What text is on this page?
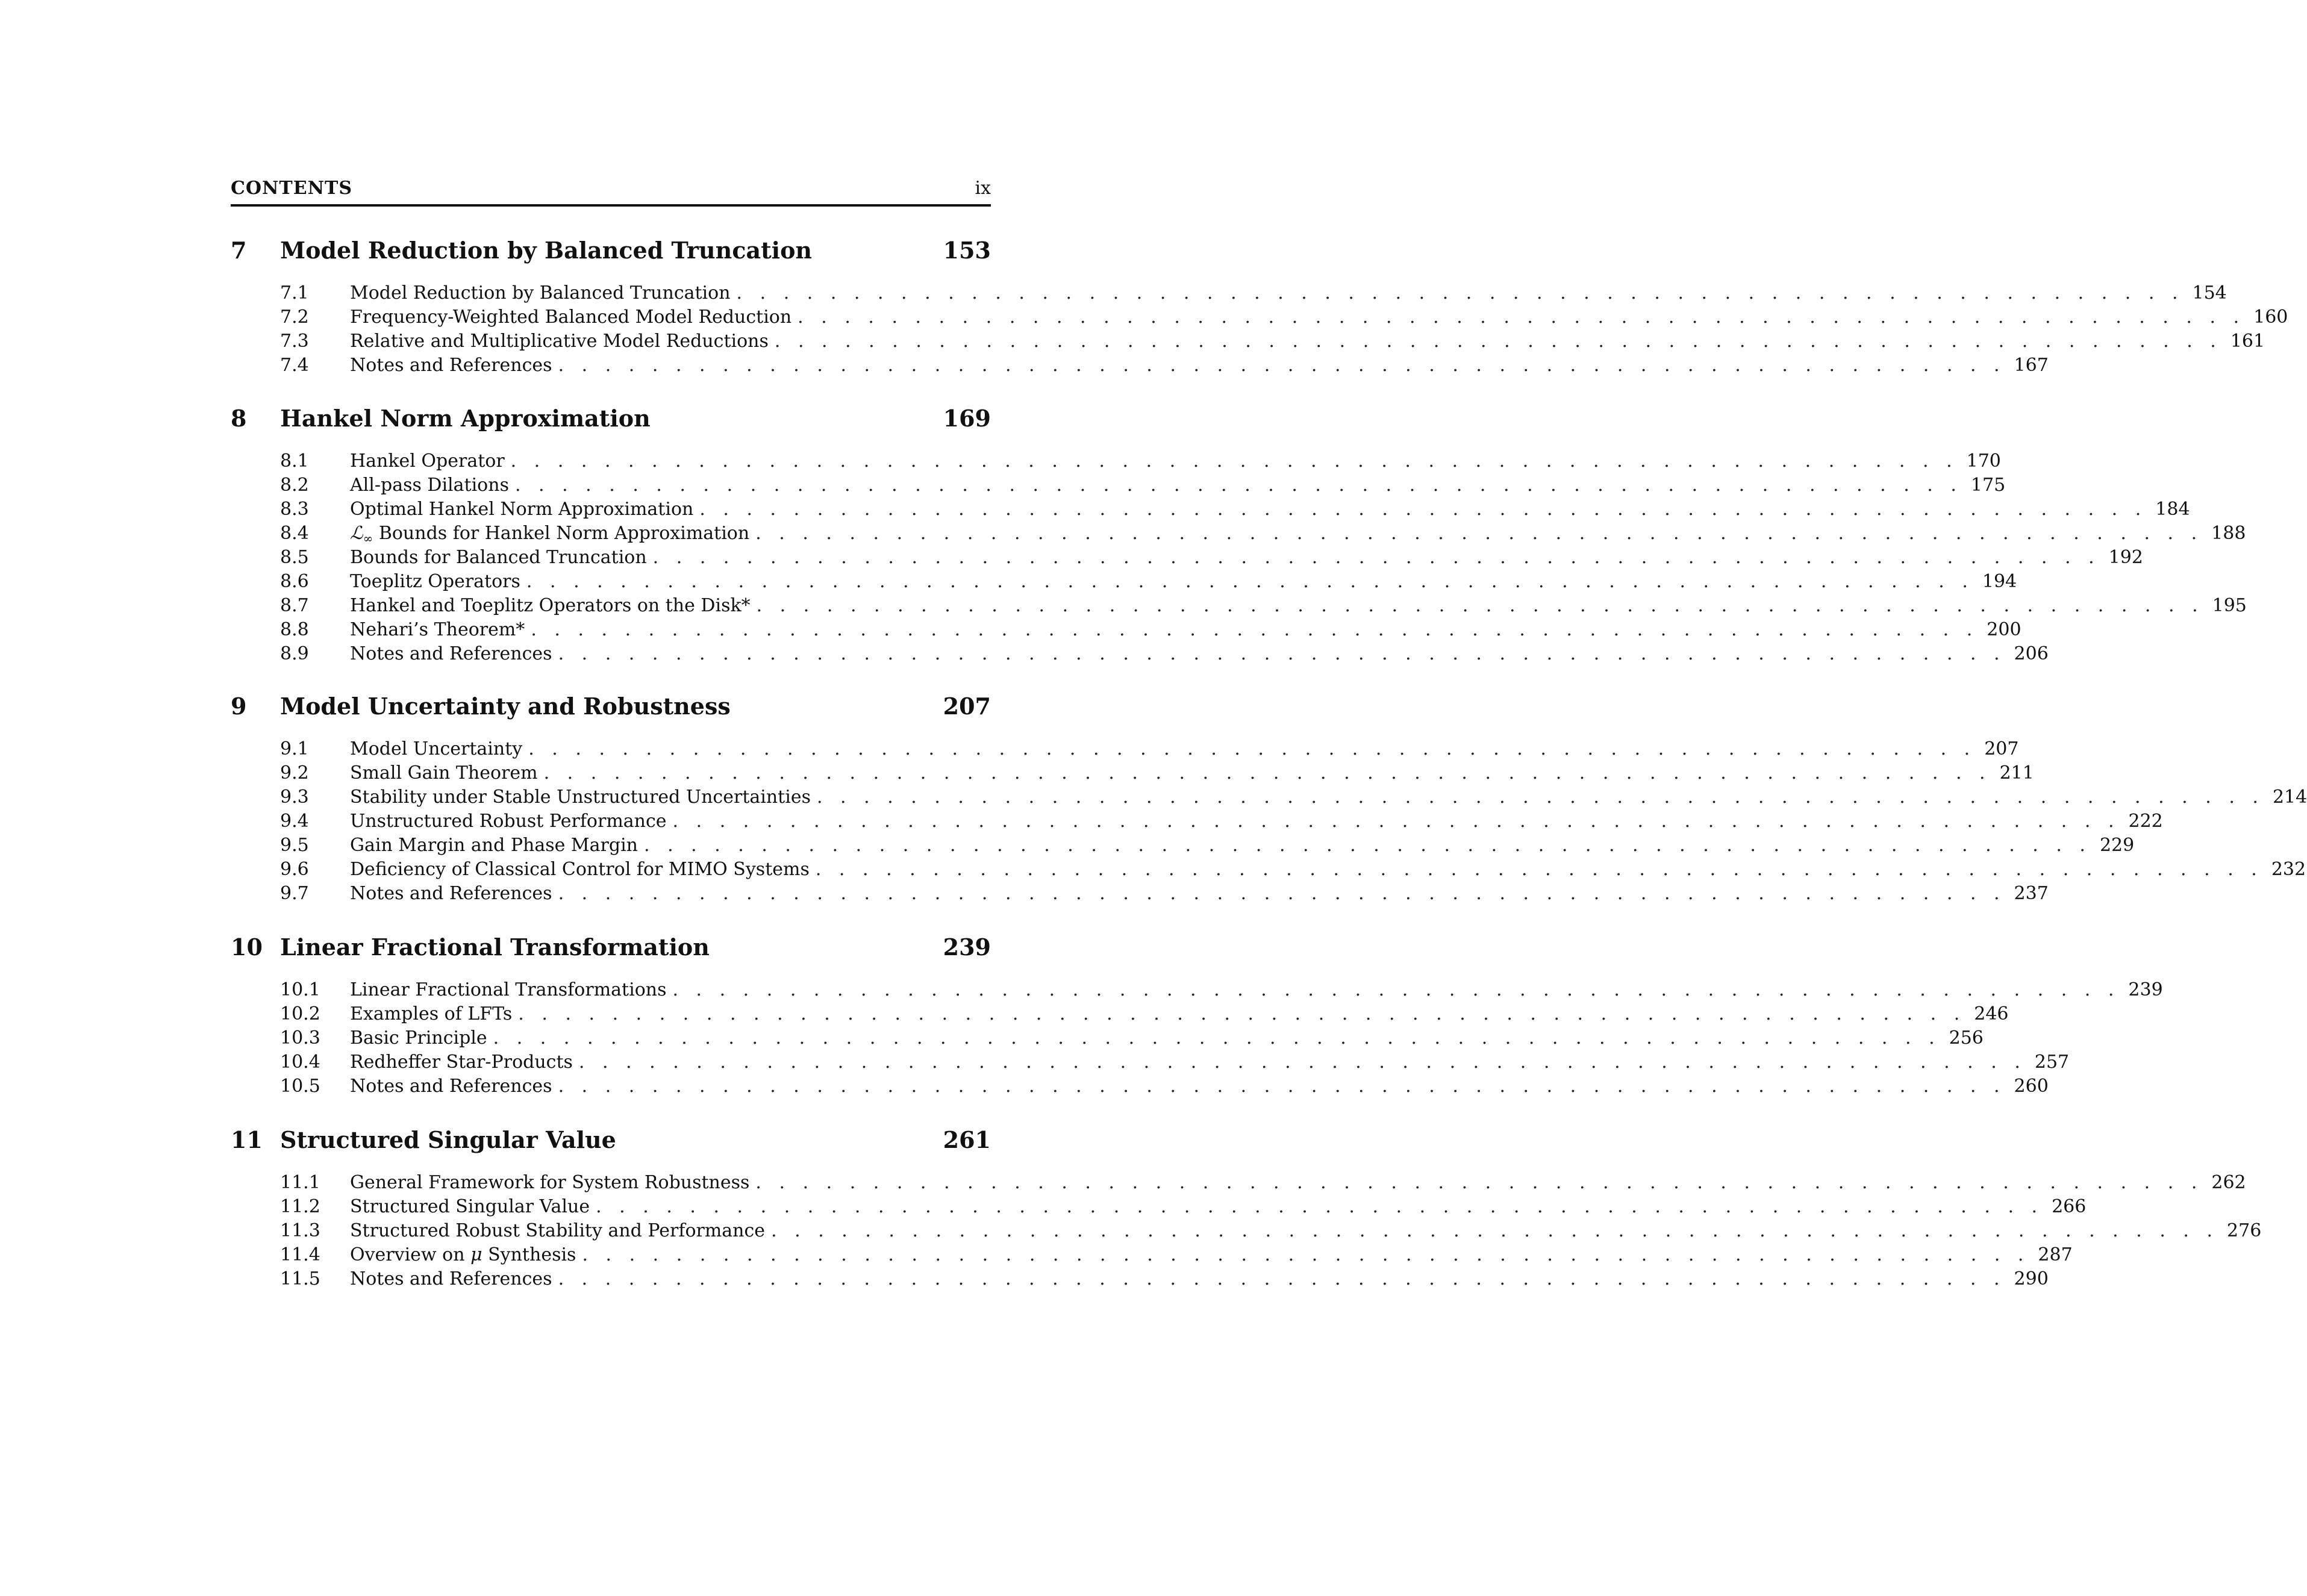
CONTENTS	ix
7 Model Reduction by Balanced Truncation	153
7.1 Model Reduction by Balanced Truncation . . . . . . . . . . . . . . . . . . . . . . . . . . . . . . . . . . . . . . . . . . . . . . . . . . . . . . . . . . . . . . 154
7.2 Frequency-Weighted Balanced Model Reduction . . . . . . . . . . . . . . . . . . . . . . . . . . . . . . . . . . . . . . . . . . . . . . . . . . . . . . . . . . . . . . 160
7.3 Relative and Multiplicative Model Reductions . . . . . . . . . . . . . . . . . . . . . . . . . . . . . . . . . . . . . . . . . . . . . . . . . . . . . . . . . . . . . . 161
7.4 Notes and References . . . . . . . . . . . . . . . . . . . . . . . . . . . . . . . . . . . . . . . . . . . . . . . . . . . . . . . . . . . . . . 167
8 Hankel Norm Approximation	169
8.1 Hankel Operator . . . . . . . . . . . . . . . . . . . . . . . . . . . . . . . . . . . . . . . . . . . . . . . . . . . . . . . . . . . . . . 170
8.2 All-pass Dilations . . . . . . . . . . . . . . . . . . . . . . . . . . . . . . . . . . . . . . . . . . . . . . . . . . . . . . . . . . . . . . 175
8.3 Optimal Hankel Norm Approximation . . . . . . . . . . . . . . . . . . . . . . . . . . . . . . . . . . . . . . . . . . . . . . . . . . . . . . . . . . . . . . 184
8.4 ℒ$_\infty$ Bounds for Hankel Norm Approximation . . . . . . . . . . . . . . . . . . . . . . . . . . . . . . . . . . . . . . . . . . . . . . . . . . . . . . . . . . . . . . 188
8.5 Bounds for Balanced Truncation . . . . . . . . . . . . . . . . . . . . . . . . . . . . . . . . . . . . . . . . . . . . . . . . . . . . . . . . . . . . . . 192
8.6 Toeplitz Operators . . . . . . . . . . . . . . . . . . . . . . . . . . . . . . . . . . . . . . . . . . . . . . . . . . . . . . . . . . . . . . 194
8.7 Hankel and Toeplitz Operators on the Disk* . . . . . . . . . . . . . . . . . . . . . . . . . . . . . . . . . . . . . . . . . . . . . . . . . . . . . . . . . . . . . . 195
8.8 Nehari’s Theorem* . . . . . . . . . . . . . . . . . . . . . . . . . . . . . . . . . . . . . . . . . . . . . . . . . . . . . . . . . . . . . . 200
8.9 Notes and References . . . . . . . . . . . . . . . . . . . . . . . . . . . . . . . . . . . . . . . . . . . . . . . . . . . . . . . . . . . . . . 206
9 Model Uncertainty and Robustness	207
9.1 Model Uncertainty . . . . . . . . . . . . . . . . . . . . . . . . . . . . . . . . . . . . . . . . . . . . . . . . . . . . . . . . . . . . . . 207
9.2 Small Gain Theorem . . . . . . . . . . . . . . . . . . . . . . . . . . . . . . . . . . . . . . . . . . . . . . . . . . . . . . . . . . . . . . 211
9.3 Stability under Stable Unstructured Uncertainties . . . . . . . . . . . . . . . . . . . . . . . . . . . . . . . . . . . . . . . . . . . . . . . . . . . . . . . . . . . . . . 214
9.4 Unstructured Robust Performance . . . . . . . . . . . . . . . . . . . . . . . . . . . . . . . . . . . . . . . . . . . . . . . . . . . . . . . . . . . . . . 222
9.5 Gain Margin and Phase Margin . . . . . . . . . . . . . . . . . . . . . . . . . . . . . . . . . . . . . . . . . . . . . . . . . . . . . . . . . . . . . . 229
9.6 Deficiency of Classical Control for MIMO Systems . . . . . . . . . . . . . . . . . . . . . . . . . . . . . . . . . . . . . . . . . . . . . . . . . . . . . . . . . . . . . . 232
9.7 Notes and References . . . . . . . . . . . . . . . . . . . . . . . . . . . . . . . . . . . . . . . . . . . . . . . . . . . . . . . . . . . . . . 237
10 Linear Fractional Transformation	239
10.1 Linear Fractional Transformations . . . . . . . . . . . . . . . . . . . . . . . . . . . . . . . . . . . . . . . . . . . . . . . . . . . . . . . . . . . . . . 239
10.2 Examples of LFTs . . . . . . . . . . . . . . . . . . . . . . . . . . . . . . . . . . . . . . . . . . . . . . . . . . . . . . . . . . . . . . 246
10.3 Basic Principle . . . . . . . . . . . . . . . . . . . . . . . . . . . . . . . . . . . . . . . . . . . . . . . . . . . . . . . . . . . . . . 256
10.4 Redheffer Star-Products . . . . . . . . . . . . . . . . . . . . . . . . . . . . . . . . . . . . . . . . . . . . . . . . . . . . . . . . . . . . . . 257
10.5 Notes and References . . . . . . . . . . . . . . . . . . . . . . . . . . . . . . . . . . . . . . . . . . . . . . . . . . . . . . . . . . . . . . 260
11 Structured Singular Value	261
11.1 General Framework for System Robustness . . . . . . . . . . . . . . . . . . . . . . . . . . . . . . . . . . . . . . . . . . . . . . . . . . . . . . . . . . . . . . 262
11.2 Structured Singular Value . . . . . . . . . . . . . . . . . . . . . . . . . . . . . . . . . . . . . . . . . . . . . . . . . . . . . . . . . . . . . . 266
11.3 Structured Robust Stability and Performance . . . . . . . . . . . . . . . . . . . . . . . . . . . . . . . . . . . . . . . . . . . . . . . . . . . . . . . . . . . . . . 276
11.4 Overview on μ Synthesis . . . . . . . . . . . . . . . . . . . . . . . . . . . . . . . . . . . . . . . . . . . . . . . . . . . . . . . . . . . . . . 287
11.5 Notes and References . . . . . . . . . . . . . . . . . . . . . . . . . . . . . . . . . . . . . . . . . . . . . . . . . . . . . . . . . . . . . . 290
